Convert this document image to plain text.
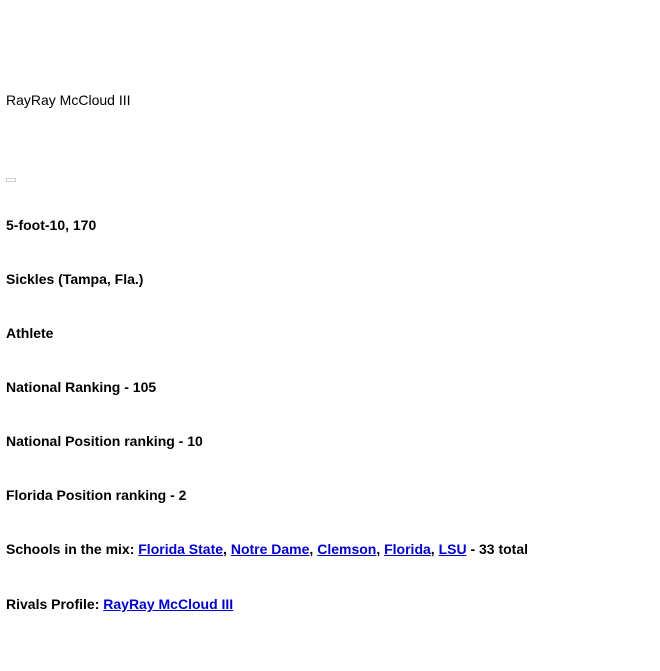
RayRay McCloud III
5-foot-10, 170
Sickles (Tampa, Fla.)
Athlete
National Ranking - 105
National Position ranking - 10
Florida Position ranking - 2
Schools in the mix: Florida State, Notre Dame, Clemson, Florida, LSU - 33 total
Rivals Profile: RayRay McCloud III
